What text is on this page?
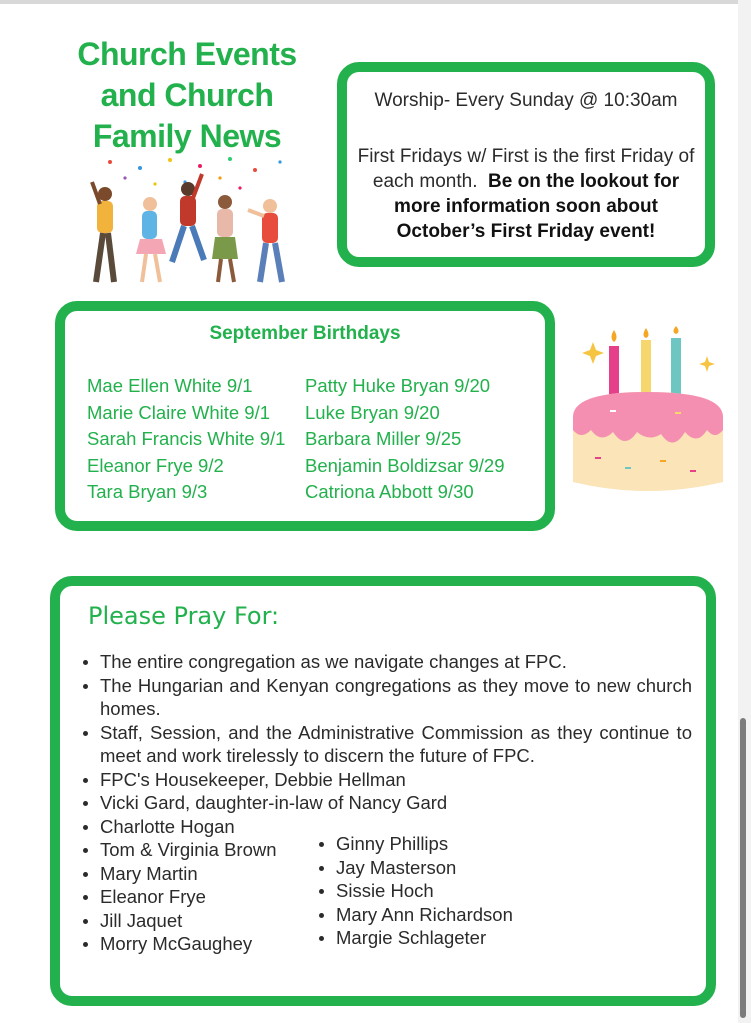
Church Events and Church Family News
Worship- Every Sunday @ 10:30am
First Fridays w/ First is the first Friday of each month. Be on the lookout for more information soon about October’s First Friday event!
September Birthdays
Mae Ellen White 9/1
Marie Claire White 9/1
Sarah Francis White 9/1
Eleanor Frye 9/2
Tara Bryan 9/3
Patty Huke Bryan 9/20
Luke Bryan 9/20
Barbara Miller 9/25
Benjamin Boldizsar 9/29
Catriona Abbott 9/30
Please Pray For:
The entire congregation as we navigate changes at FPC.
The Hungarian and Kenyan congregations as they move to new church homes.
Staff, Session, and the Administrative Commission as they continue to meet and work tirelessly to discern the future of FPC.
FPC's Housekeeper, Debbie Hellman
Vicki Gard, daughter-in-law of Nancy Gard
Charlotte Hogan
Tom & Virginia Brown
Mary Martin
Eleanor Frye
Jill Jaquet
Morry McGaughey
Ginny Phillips
Jay Masterson
Sissie Hoch
Mary Ann Richardson
Margie Schlageter
